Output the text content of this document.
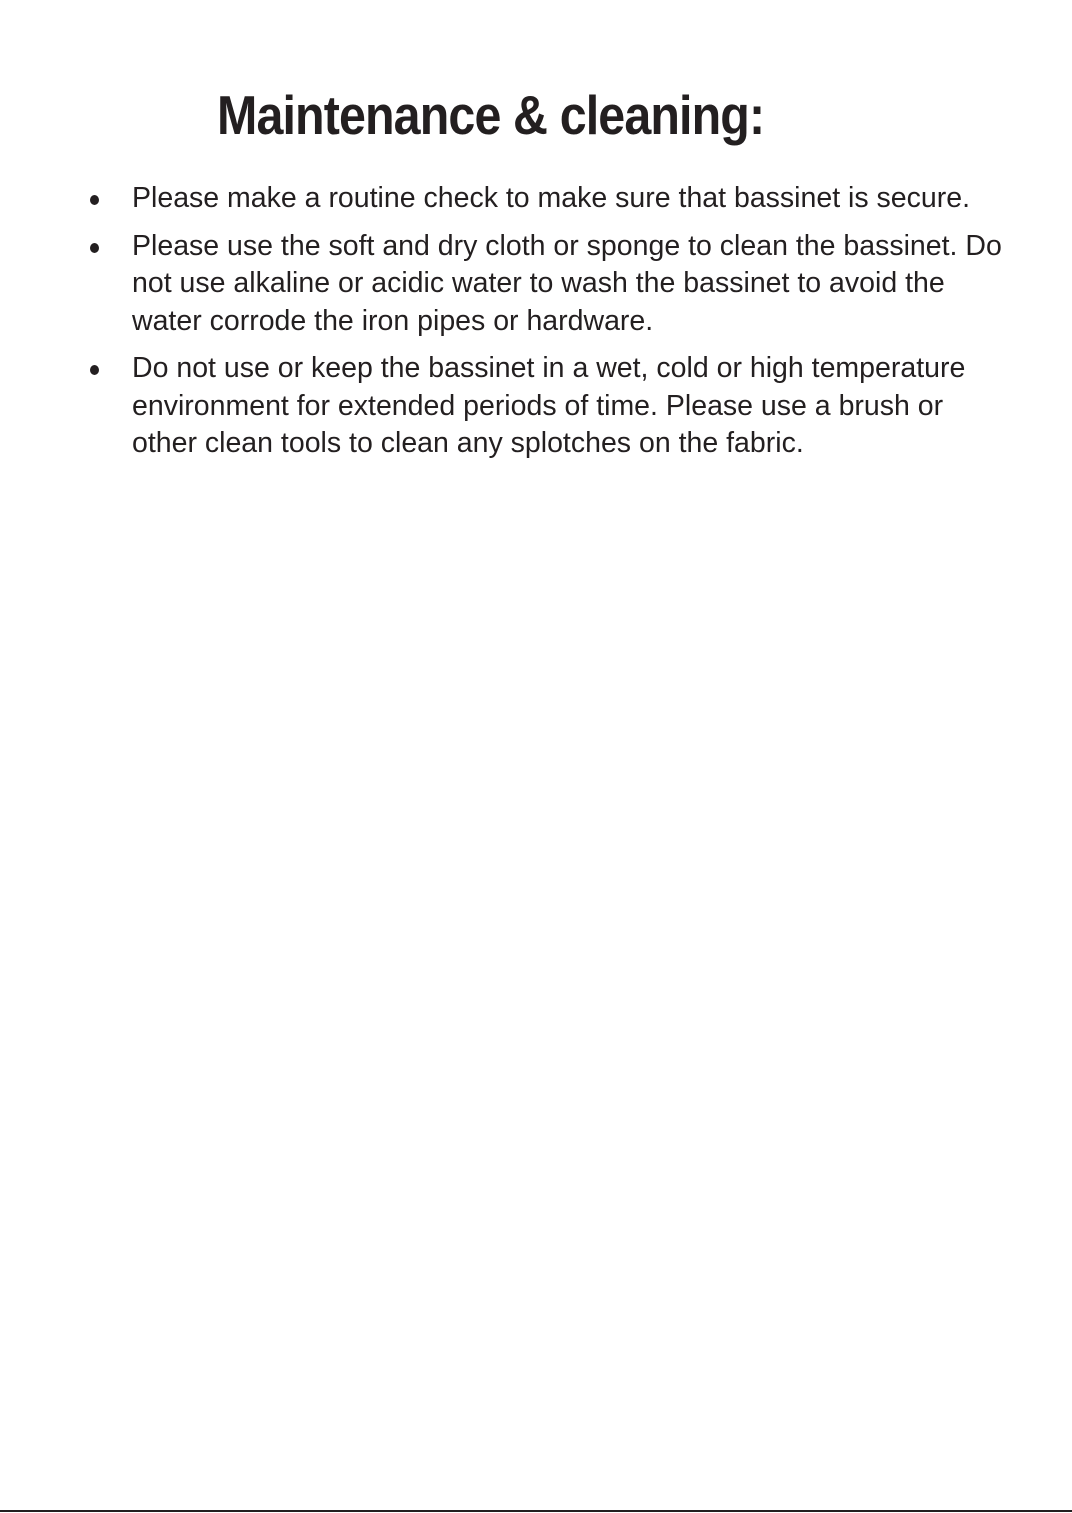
Maintenance & cleaning:
Please make a routine check to make sure that bassinet is secure.
Please use the soft and dry cloth or sponge to clean the bassinet. Do not use alkaline or acidic water to wash the bassinet to avoid the water corrode the iron pipes or hardware.
Do not use or keep the bassinet in a wet, cold or high temperature environment for extended periods of time. Please use a brush or other clean tools to clean any splotches on the fabric.
